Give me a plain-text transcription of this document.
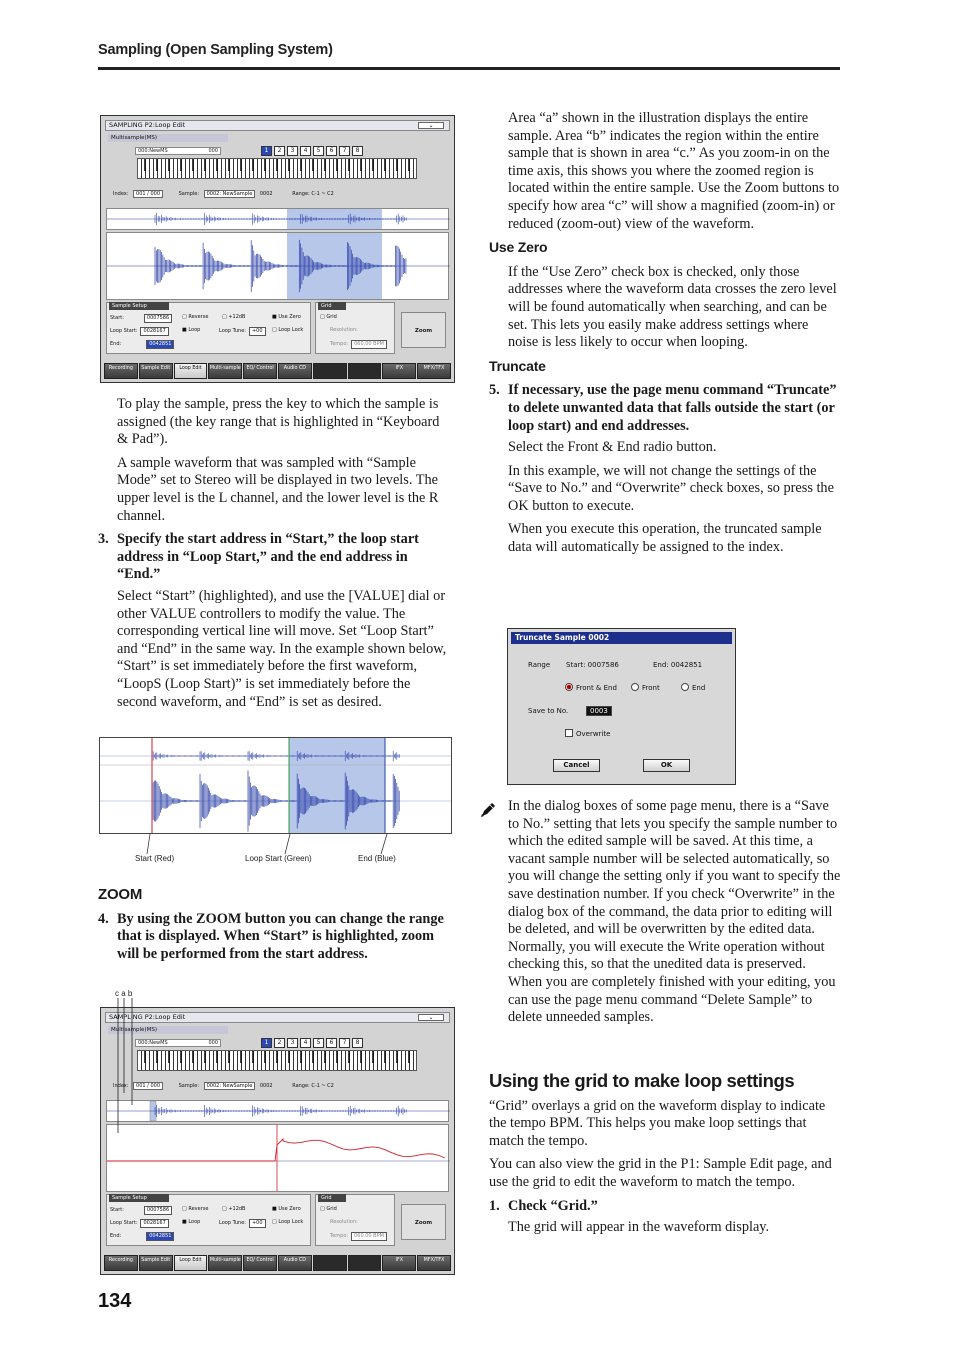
Sampling (Open Sampling System)
SAMPLING P2:Loop Edit	⌄
Multisample(MS)
000:NewMS	000	1	2	3	4	5	6	7	8
Index: 001 / 000	Sample: 0002: NewSample 0002	Range: C-1 ~ C2
Sample Setup
Start:	0007586
Loop Start: 0028167
End:	0042851
□ Reverse
■ Loop
□ +12dB
Loop Tune: +00
■ Use Zero
□ Loop Lock
Grid
□ Grid
Resolution:
Tempo: 060.00 BPM
Zoom
Recording	Sample Edit	Loop Edit	Multi-sample	EQ/ Control	Audio CD	IFX	MFX/TFX

To play the sample, press the key to which the sample is assigned (the key range that is highlighted in “Keyboard & Pad”).

A sample waveform that was sampled with “Sample Mode” set to Stereo will be displayed in two levels. The upper level is the L channel, and the lower level is the R channel.

3. Specify the start address in “Start,” the loop start address in “Loop Start,” and the end address in “End.”

Select “Start” (highlighted), and use the [VALUE] dial or other VALUE controllers to modify the value. The corresponding vertical line will move. Set “Loop Start” and “End” in the same way. In the example shown below, “Start” is set immediately before the first waveform, “LoopS (Loop Start)” is set immediately before the second waveform, and “End” is set as desired.

Start (Red)	Loop Start (Green)	End (Blue)
ZOOM
4. By using the ZOOM button you can change the range that is displayed. When “Start” is highlighted, zoom will be performed from the start address.
c a b
SAMPLING P2:Loop Edit	⌄
Multisample(MS)
000:NewMS	000	1	2	3	4	5	6	7	8
Index: 001 / 000	Sample: 0002: NewSample 0002	Range: C-1 ~ C2
Sample Setup
Start:	0007586
Loop Start: 0028167
End:	0042851
□ Reverse
■ Loop
□ +12dB
Loop Tune: +00
■ Use Zero
□ Loop Lock
Grid
□ Grid
Resolution:
Tempo: 060.00 BPM
Zoom
Recording	Sample Edit	Loop Edit	Multi-sample	EQ/ Control	Audio CD	IFX	MFX/TFX

Area “a” shown in the illustration displays the entire sample. Area “b” indicates the region within the entire sample that is shown in area “c.” As you zoom-in on the time axis, this shows you where the zoomed region is located within the entire sample. Use the Zoom buttons to specify how area “c” will show a magnified (zoom-in) or reduced (zoom-out) view of the waveform.

Use Zero

If the “Use Zero” check box is checked, only those addresses where the waveform data crosses the zero level will be found automatically when searching, and can be set. This lets you easily make address settings where noise is less likely to occur when looping.

Truncate
5. If necessary, use the page menu command “Truncate” to delete unwanted data that falls outside the start (or loop start) and end addresses.

Select the Front & End radio button.

In this example, we will not change the settings of the “Save to No.” and “Overwrite” check boxes, so press the OK button to execute.

When you execute this operation, the truncated sample data will automatically be assigned to the index.

Truncate Sample 0002
Range Start: 0007586	End: 0042851
Front & End	Front	End
Save to No.	0003
Overwrite
Cancel	OK

In the dialog boxes of some page menu, there is a “Save to No.” setting that lets you specify the sample number to which the edited sample will be saved. At this time, a vacant sample number will be selected automatically, so you will change the setting only if you want to specify the save destination number. If you check “Overwrite” in the dialog box of the command, the data prior to editing will be deleted, and will be overwritten by the edited data. Normally, you will execute the Write operation without checking this, so that the unedited data is preserved. When you are completely finished with your editing, you can use the page menu command “Delete Sample” to delete unneeded samples.

Using the grid to make loop settings

“Grid” overlays a grid on the waveform display to indicate the tempo BPM. This helps you make loop settings that match the tempo.

You can also view the grid in the P1: Sample Edit page, and use the grid to edit the waveform to match the tempo.

1. Check “Grid.”

The grid will appear in the waveform display.

134
